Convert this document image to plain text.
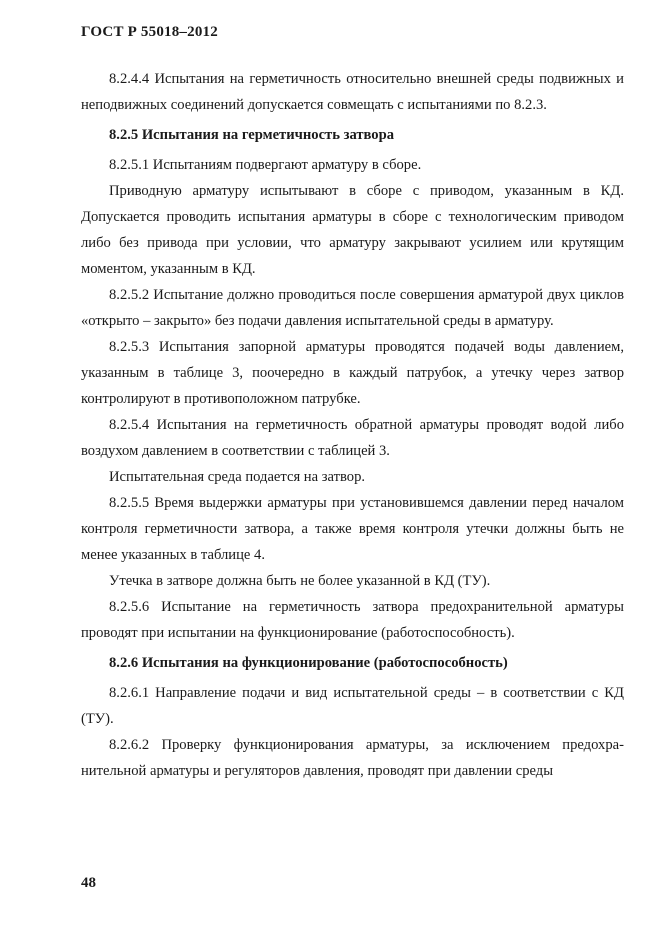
ГОСТ Р 55018–2012

8.2.4.4 Испытания на герметичность относительно внешней среды подвижных и неподвижных соединений допускается совмещать с испытаниями по 8.2.3.

8.2.5 Испытания на герметичность затвора

8.2.5.1 Испытаниям подвергают арматуру в сборе.

Приводную арматуру испытывают в сборе с приводом, указанным в КД. Допускается проводить испытания арматуры в сборе с технологическим приводом либо без привода при условии, что арматуру закрывают усилием или крутящим моментом, указанным в КД.

8.2.5.2 Испытание должно проводиться после совершения арматурой двух циклов «открыто – закрыто» без подачи давления испытательной среды в арматуру.

8.2.5.3 Испытания запорной арматуры проводятся подачей воды давлением, указанным в таблице 3, поочередно в каждый патрубок, а утечку через затвор контролируют в противоположном патрубке.

8.2.5.4 Испытания на герметичность обратной арматуры проводят водой либо воздухом давлением в соответствии с таблицей 3.

Испытательная среда подается на затвор.

8.2.5.5 Время выдержки арматуры при установившемся давлении перед началом контроля герметичности затвора, а также время контроля утечки должны быть не менее указанных в таблице 4.

Утечка в затворе должна быть не более указанной в КД (ТУ).

8.2.5.6 Испытание на герметичность затвора предохранительной арматуры проводят при испытании на функционирование (работоспособность).

8.2.6 Испытания на функционирование (работоспособность)

8.2.6.1 Направление подачи и вид испытательной среды – в соответствии с КД (ТУ).

8.2.6.2 Проверку функционирования арматуры, за исключением предохранительной арматуры и регуляторов давления, проводят при давлении среды

48
